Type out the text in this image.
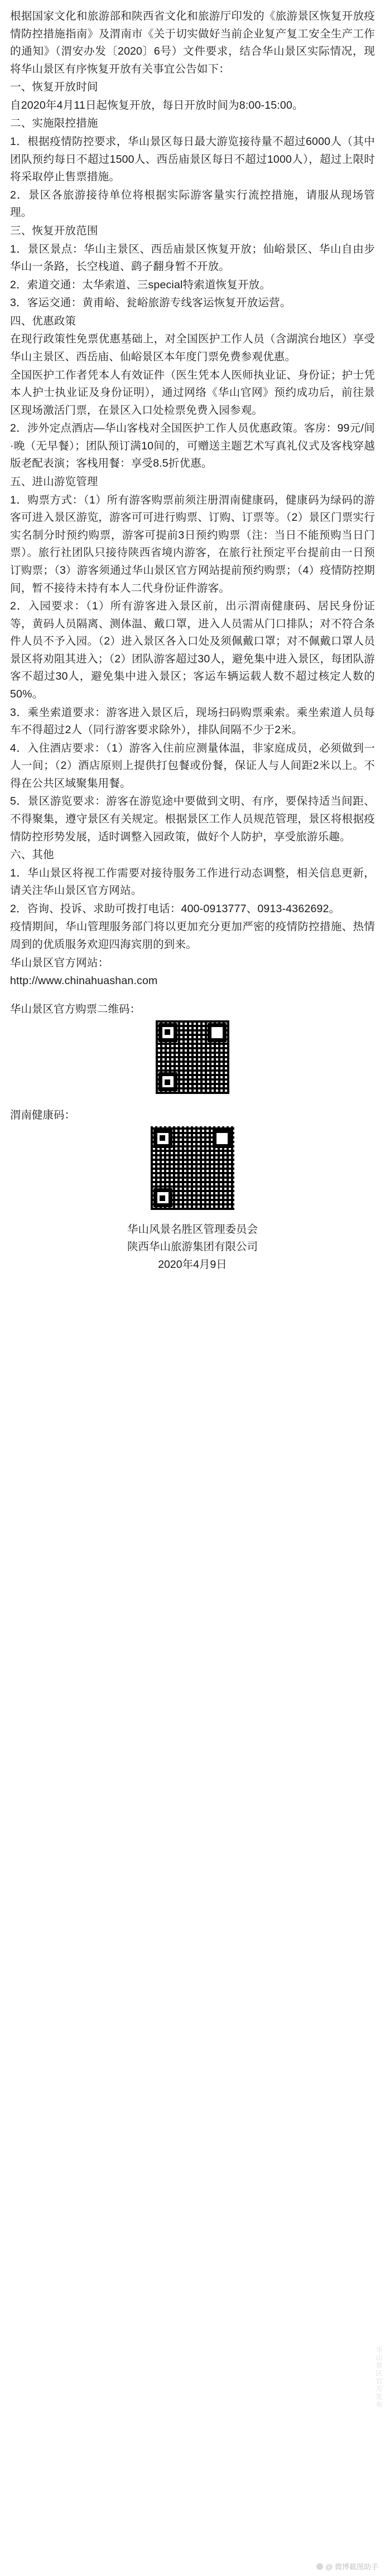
根据国家文化和旅游部和陕西省文化和旅游厅印发的《旅游景区恢复开放疫情防控措施指南》及渭南市《关于切实做好当前企业复产复工安全生产工作的通知》（渭安办发〔2020〕6号）文件要求，结合华山景区实际情况，现将华山景区有序恢复开放有关事宜公告如下：

一、恢复开放时间

自2020年4月11日起恢复开放，每日开放时间为8:00-15:00。

二、实施限控措施

1．根据疫情防控要求，华山景区每日最大游览接待量不超过6000人（其中团队预约每日不超过1500人、西岳庙景区每日不超过1000人），超过上限时将采取停止售票措施。

2．景区各旅游接待单位将根据实际游客量实行流控措施，请服从现场管理。

三、恢复开放范围

1．景区景点：华山主景区、西岳庙景区恢复开放；仙峪景区、华山自由步华山一条路，长空栈道、鹞子翻身暂不开放。

2．索道交通：太华索道、三special特索道恢复开放。

3．客运交通：黄甫峪、瓮峪旅游专线客运恢复开放运营。

四、优惠政策

在现行政策性免票优惠基础上，对全国医护工作人员（含湖滨台地区）享受华山主景区、西岳庙、仙峪景区本年度门票免费参观优惠。

全国医护工作者凭本人有效证件（医生凭本人医师执业证、身份证；护士凭本人护士执业证及身份证明），通过网络《华山官网》预约成功后，前往景区现场激活门票，在景区入口处检票免费入园参观。

2．涉外定点酒店—华山客栈对全国医护工作人员优惠政策。客房：99元/间·晚（无早餐）；团队预订满10间的，可赠送主题艺术写真礼仪式及客栈穿越版老配表演；客栈用餐：享受8.5折优惠。

五、进山游览管理

1．购票方式：（1）所有游客购票前须注册渭南健康码，健康码为绿码的游客可进入景区游览，游客可可进行购票、订购、订票等。（2）景区门票实行实名制分时预约购票，游客可提前3日预约购票（注：当日不能预购当日门票）。旅行社团队只接待陕西省境内游客，在旅行社预定平台提前由一日预订购票；（3）游客须通过华山景区官方网站提前预约购票；（4）疫情防控期间，暂不接待未持有本人二代身份证件游客。

2．入园要求：（1）所有游客进入景区前，出示渭南健康码、居民身份证等，黄码人员隔离、测体温、戴口罩，进入人员需从门口排队；对不符合条件人员不予入园。（2）进入景区各入口处及须佩戴口罩；对不佩戴口罩人员景区将劝阻其进入；（2）团队游客超过30人，避免集中进入景区，每团队游客不超过30人，避免集中进入景区；客运车辆运载人数不超过核定人数的50%。

3．乘坐索道要求：游客进入景区后，现场扫码购票乘索。乘坐索道人员每车不得超过2人（同行游客要求除外），排队间隔不少于2米。

4．入住酒店要求：（1）游客入住前应测量体温，非家庭成员，必须做到一人一间；（2）酒店原则上提供打包餐或份餐，保证人与人间距2米以上。不得在公共区域聚集用餐。

5．景区游览要求：游客在游览途中要做到文明、有序，要保持适当间距、不得聚集，遵守景区有关规定。根据景区工作人员规范管理，景区将根据疫情防控形势发展，适时调整入园政策，做好个人防护，享受旅游乐趣。

六、其他

1．华山景区将视工作需要对接待服务工作进行动态调整，相关信息更新，请关注华山景区官方网站。

2．咨询、投诉、求助可拨打电话：400-0913777、0913-4362692。

疫情期间，华山管理服务部门将以更加充分更加严密的疫情防控措施、热情周到的优质服务欢迎四海宾朋的到来。

华山景区官方网站：

http://www.chinahuashan.com

华山景区官方购票二维码：
渭南健康码：

华山风景名胜区管理委员会

陕西华山旅游集团有限公司

2020年4月9日

华山景区官方发布
@ 微博截图助手
